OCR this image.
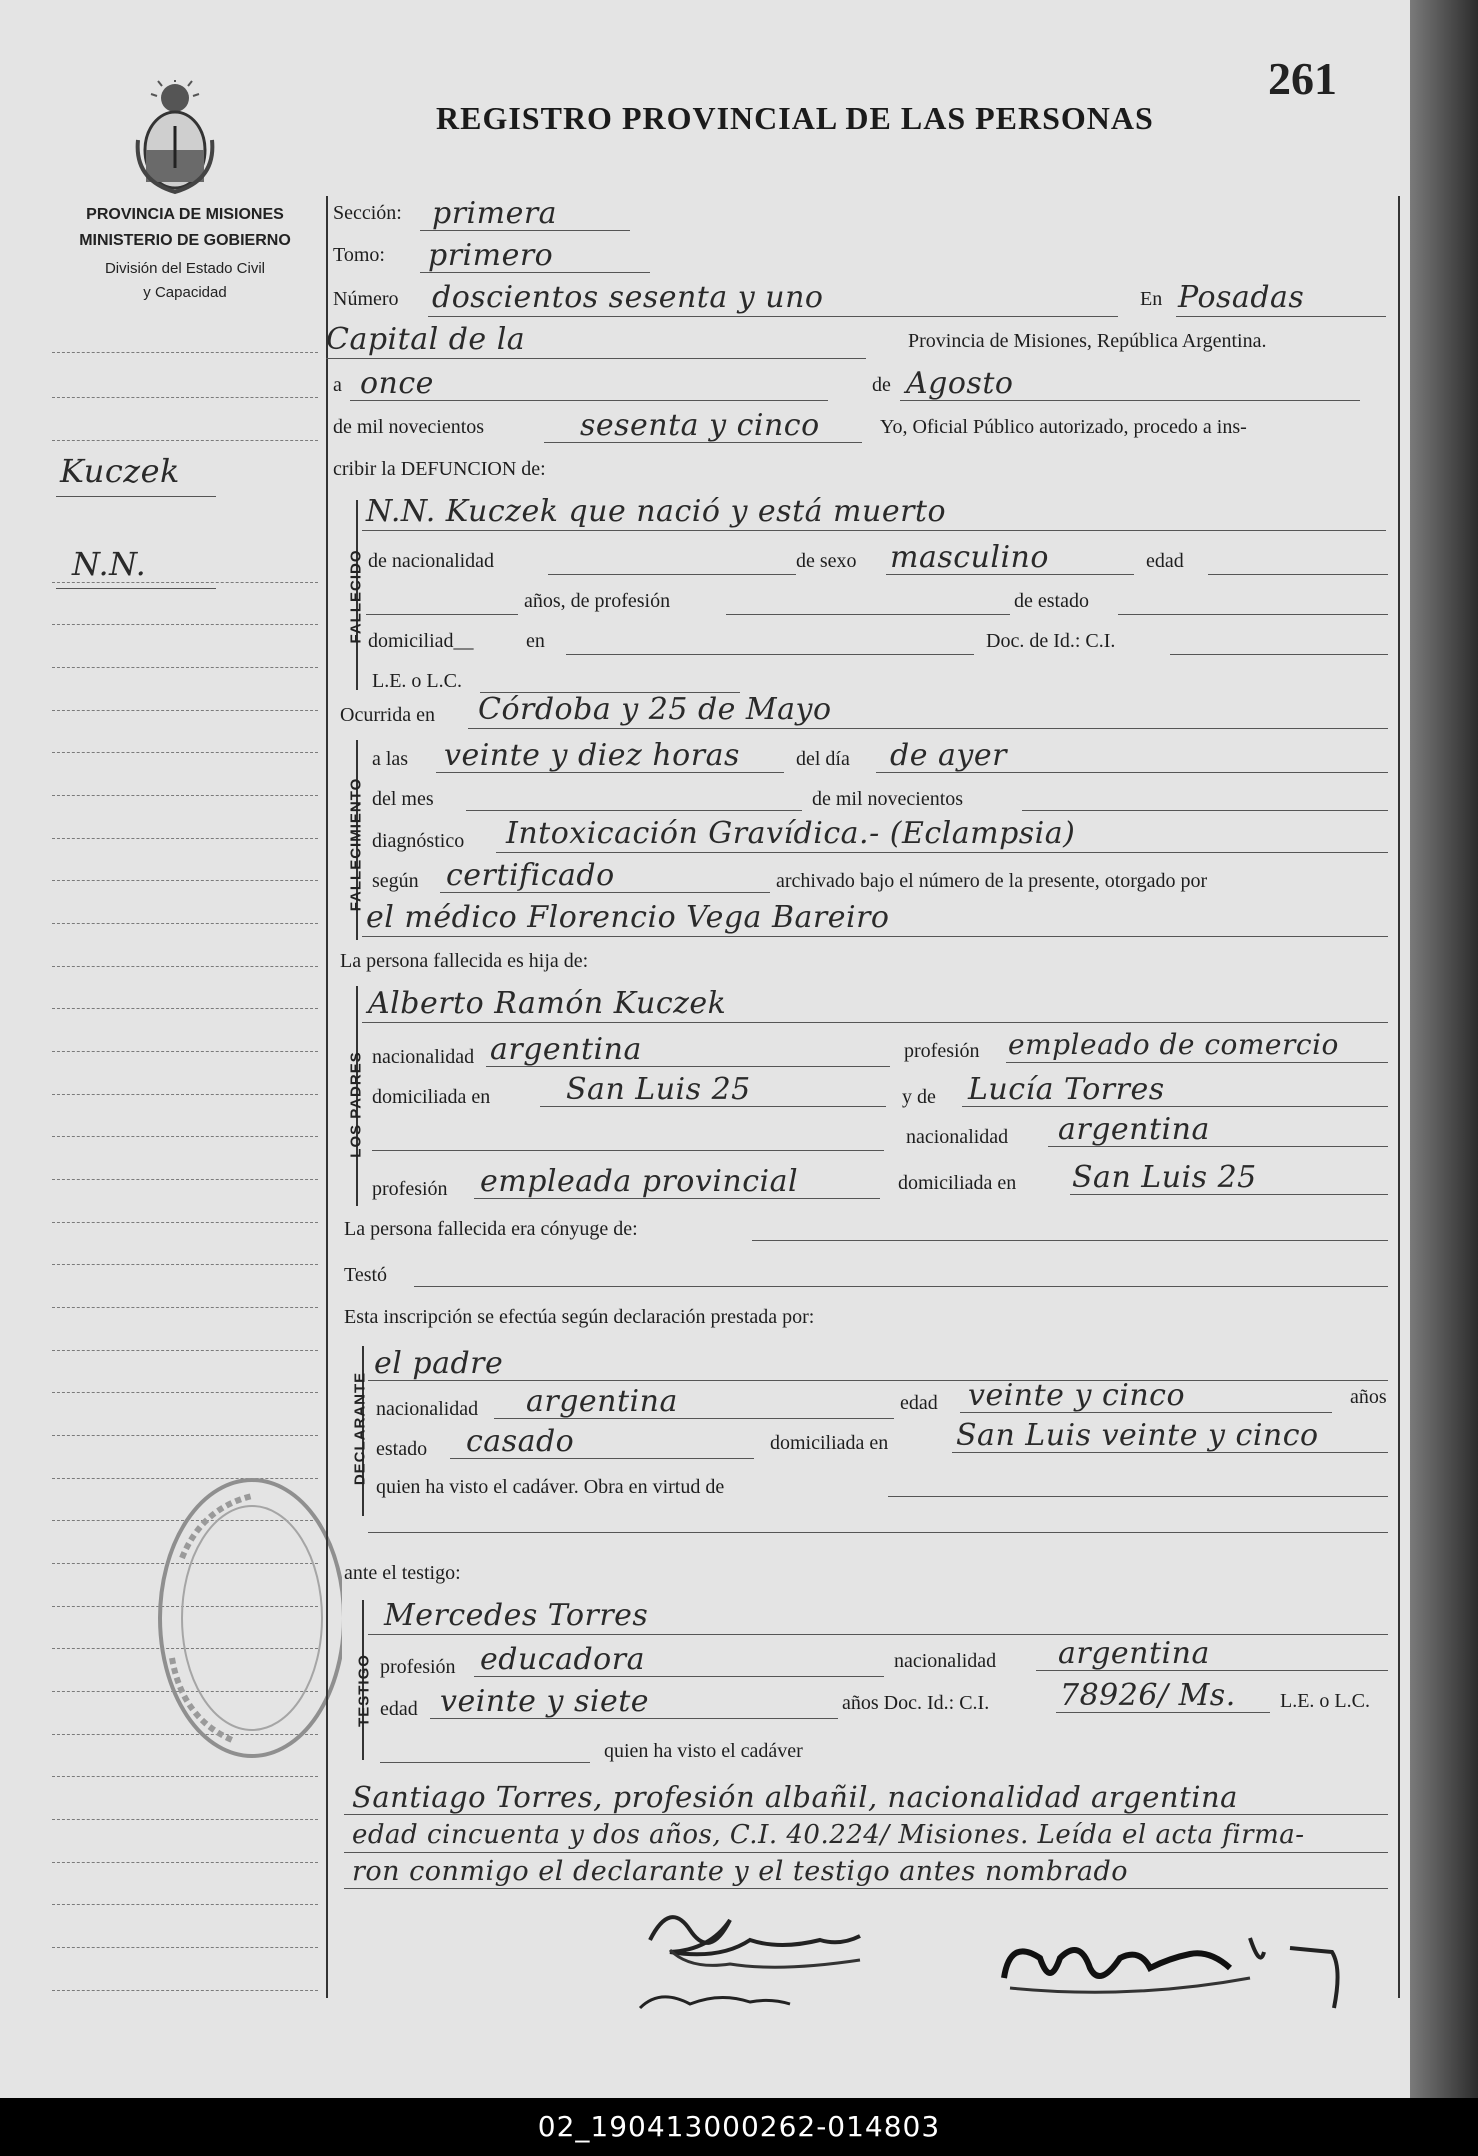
261
REGISTRO PROVINCIAL DE LAS PERSONAS
PROVINCIA DE MISIONES
MINISTERIO DE GOBIERNO
División del Estado Civil
y Capacidad
Kuczek
N.N.
Sección: primera
Tomo: primero
Número doscientos sesenta y uno	En Posadas
Capital de la	Provincia de Misiones, República Argentina.
a once	de Agosto
de mil novecientos	sesenta y cinco	Yo, Oficial Público autorizado, procedo a ins-
cribir la DEFUNCION de:
FALLECIDO
N.N. Kuczek que nació y está muerto
de nacionalidad	de sexo masculino	edad
años, de profesión	de estado
domiciliad__	en	Doc. de Id.: C.I.
L.E. o L.C.
Ocurrida en Córdoba y 25 de Mayo
FALLECIMIENTO
a las veinte y diez horas	del día de ayer
del mes	de mil novecientos
diagnóstico Intoxicación Gravídica.- (Eclampsia)
según certificado	archivado bajo el número de la presente, otorgado por
el médico Florencio Vega Bareiro
La persona fallecida es hija de:
LOS PADRES
Alberto Ramón Kuczek
nacionalidad argentina	profesión empleado de comercio
domiciliada en	San Luis 25	y de Lucía Torres
nacionalidad argentina
profesión empleada provincial	domiciliada en San Luis 25
La persona fallecida era cónyuge de:
Testó
Esta inscripción se efectúa según declaración prestada por:
DECLARANTE
el padre
nacionalidad argentina	edad veinte y cinco	años
estado casado	domiciliada en San Luis veinte y cinco
quien ha visto el cadáver. Obra en virtud de
ante el testigo:
TESTIGO
Mercedes Torres
profesión educadora	nacionalidad argentina
edad veinte y siete	años Doc. Id.: C.I. 78926/ Ms. L.E. o L.C.
quien ha visto el cadáver
Santiago Torres, profesión albañil, nacionalidad argentina
edad cincuenta y dos años, C.I. 40.224/ Misiones. Leída el acta firma-
ron conmigo el declarante y el testigo antes nombrado
02_190413000262-014803
